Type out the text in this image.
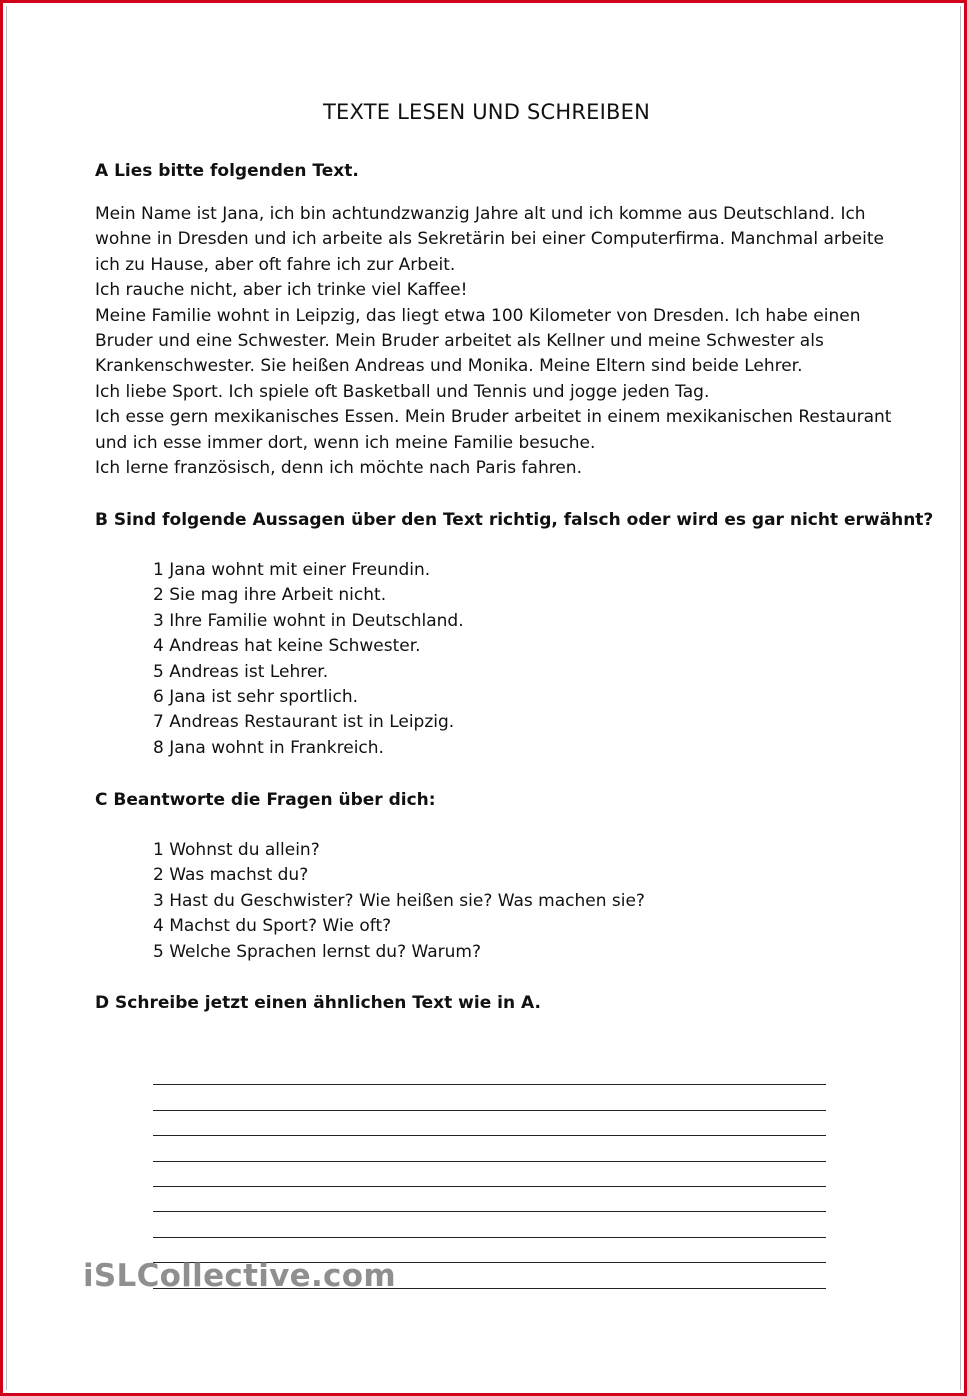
TEXTE LESEN UND SCHREIBEN
A Lies bitte folgenden Text.
Mein Name ist Jana, ich bin achtundzwanzig Jahre alt und ich komme aus Deutschland. Ich
wohne in Dresden und ich arbeite als Sekretärin bei einer Computerfirma. Manchmal arbeite
ich zu Hause, aber oft fahre ich zur Arbeit.
Ich rauche nicht, aber ich trinke viel Kaffee!
Meine Familie wohnt in Leipzig, das liegt etwa 100 Kilometer von Dresden. Ich habe einen
Bruder und eine Schwester. Mein Bruder arbeitet als Kellner und meine Schwester als
Krankenschwester. Sie heißen Andreas und Monika. Meine Eltern sind beide Lehrer.
Ich liebe Sport. Ich spiele oft Basketball und Tennis und jogge jeden Tag.
Ich esse gern mexikanisches Essen. Mein Bruder arbeitet in einem mexikanischen Restaurant
und ich esse immer dort, wenn ich meine Familie besuche.
Ich lerne französisch, denn ich möchte nach Paris fahren.
B Sind folgende Aussagen über den Text richtig, falsch oder wird es gar nicht erwähnt?
1 Jana wohnt mit einer Freundin.
2 Sie mag ihre Arbeit nicht.
3 Ihre Familie wohnt in Deutschland.
4 Andreas hat keine Schwester.
5 Andreas ist Lehrer.
6 Jana ist sehr sportlich.
7 Andreas Restaurant ist in Leipzig.
8 Jana wohnt in Frankreich.
C Beantworte die Fragen über dich:
1 Wohnst du allein?
2 Was machst du?
3 Hast du Geschwister? Wie heißen sie? Was machen sie?
4 Machst du Sport? Wie oft?
5 Welche Sprachen lernst du? Warum?
D Schreibe jetzt einen ähnlichen Text wie in A.
iSLCollective.com
